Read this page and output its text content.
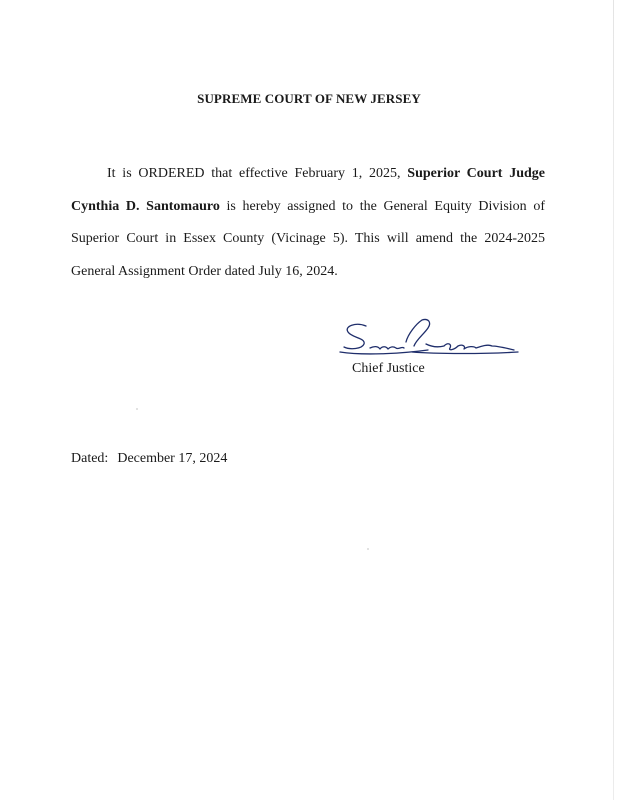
SUPREME COURT OF NEW JERSEY
It is ORDERED that effective February 1, 2025, Superior Court Judge Cynthia D. Santomauro is hereby assigned to the General Equity Division of Superior Court in Essex County (Vicinage 5). This will amend the 2024-2025 General Assignment Order dated July 16, 2024.
Chief Justice
Dated: December 17, 2024
